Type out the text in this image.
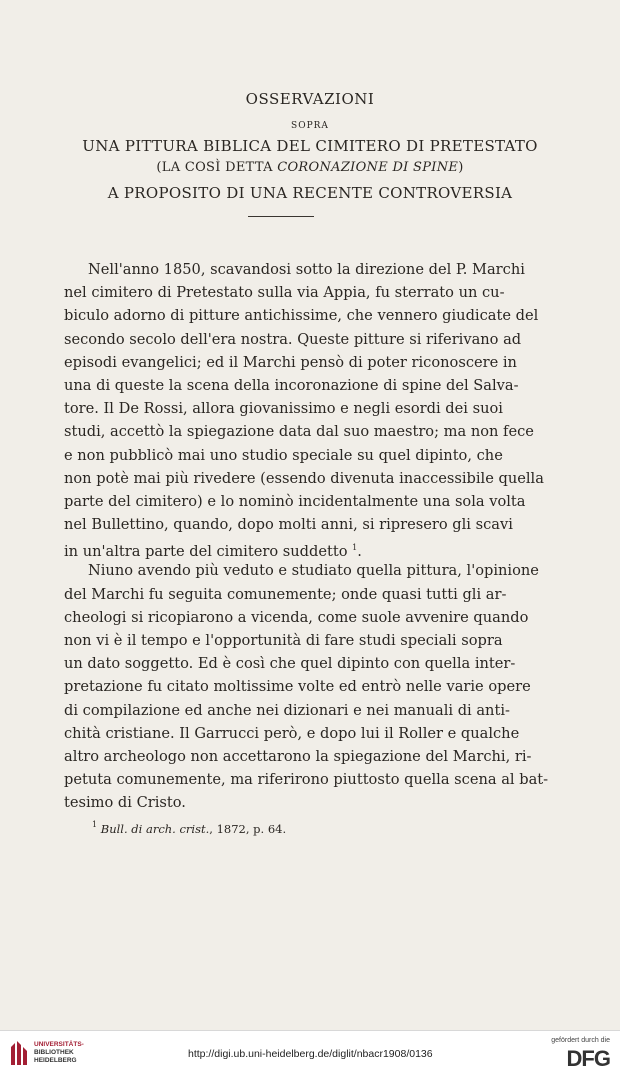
OSSERVAZIONI
SOPRA
UNA PITTURA BIBLICA DEL CIMITERO DI PRETESTATO
(LA COSÌ DETTA CORONAZIONE DI SPINE)
A PROPOSITO DI UNA RECENTE CONTROVERSIA
Nell'anno 1850, scavandosi sotto la direzione del P. Marchi
nel cimitero di Pretestato sulla via Appia, fu sterrato un cu-
biculo adorno di pitture antichissime, che vennero giudicate del
secondo secolo dell'era nostra. Queste pitture si riferivano ad
episodi evangelici; ed il Marchi pensò di poter riconoscere in
una di queste la scena della incoronazione di spine del Salva-
tore. Il De Rossi, allora giovanissimo e negli esordi dei suoi
studi, accettò la spiegazione data dal suo maestro; ma non fece
e non pubblicò mai uno studio speciale su quel dipinto, che
non potè mai più rivedere (essendo divenuta inaccessibile quella
parte del cimitero) e lo nominò incidentalmente una sola volta
nel Bullettino, quando, dopo molti anni, si ripresero gli scavi
in un'altra parte del cimitero suddetto $^1$.
Niuno avendo più veduto e studiato quella pittura, l'opinione
del Marchi fu seguita comunemente; onde quasi tutti gli ar-
cheologi si ricopiarono a vicenda, come suole avvenire quando
non vi è il tempo e l'opportunità di fare studi speciali sopra
un dato soggetto. Ed è così che quel dipinto con quella inter-
pretazione fu citato moltissime volte ed entrò nelle varie opere
di compilazione ed anche nei dizionari e nei manuali di anti-
chità cristiane. Il Garrucci però, e dopo lui il Roller e qualche
altro archeologo non accettarono la spiegazione del Marchi, ri-
petuta comunemente, ma riferirono piuttosto quella scena al bat-
tesimo di Cristo.
$^1$ Bull. di arch. crist., 1872, p. 64.
UNIVERSITÄTS-
BIBLIOTHEK
HEIDELBERG
http://digi.ub.uni-heidelberg.de/diglit/nbacr1908/0136
gefördert durch die
DFG
